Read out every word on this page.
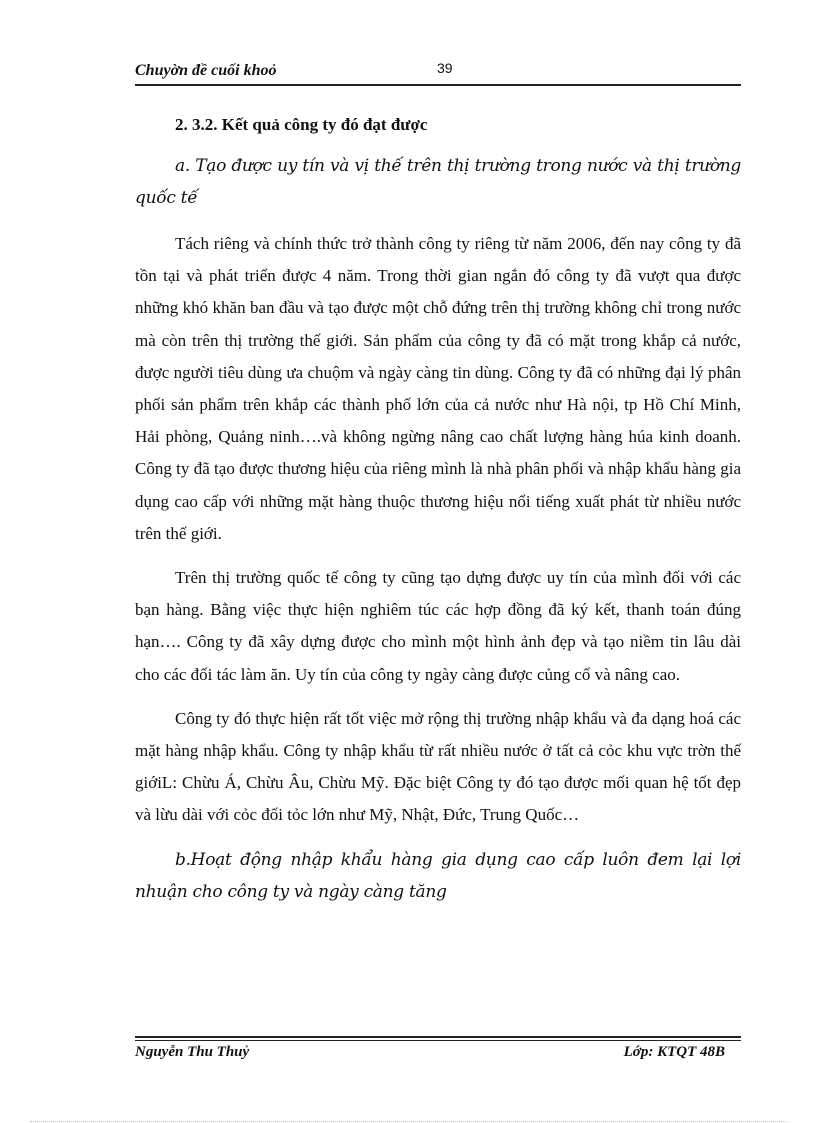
Chuyờn đề cuối khoỏ	39

2. 3.2. Kết quả công ty đó đạt được

a. Tạo được uy tín và vị thế trên thị trường trong nước và thị trường quốc tế

Tách riêng và chính thức trở thành công ty riêng từ năm 2006, đến nay công ty đã tồn tại và phát triển được 4 năm. Trong thời gian ngắn đó công ty đã vượt qua được những khó khăn ban đầu và tạo được một chỗ đứng trên thị trường không chỉ trong nước mà còn trên thị trường thế giới. Sản phẩm của công ty đã có mặt trong khắp cả nước, được người tiêu dùng ưa chuộm và ngày càng tin dùng. Công ty đã có những đại lý phân phối sản phẩm trên khắp các thành phố lớn của cả nước như Hà nội, tp Hồ Chí Minh, Hải phòng, Quảng ninh….và không ngừng nâng cao chất lượng hàng húa kinh doanh. Công ty đã tạo được thương hiệu của riêng mình là nhà phân phối và nhập khẩu hàng gia dụng cao cấp với những mặt hàng thuộc thương hiệu nổi tiếng xuất phát từ nhiều nước trên thế giới.

Trên thị trường quốc tế công ty cũng tạo dựng được uy tín của mình đối với các bạn hàng. Bằng việc thực hiện nghiêm túc các hợp đồng đã ký kết, thanh toán đúng hạn…. Công ty đã xây dựng được cho mình một hình ảnh đẹp và tạo niềm tin lâu dài cho các đối tác làm ăn. Uy tín của công ty ngày càng được củng cố và nâng cao.

Công ty đó thực hiện rất tốt việc mở rộng thị trường nhập khẩu và đa dạng hoá các mặt hàng nhập khẩu. Công ty nhập khẩu từ rất nhiều nước ở tất cả cỏc khu vực trờn thế giớiL: Chừu Á, Chừu Âu, Chừu Mỹ. Đặc biệt Công ty đó tạo được mối quan hệ tốt đẹp và lừu dài với cỏc đối tỏc lớn như Mỹ, Nhật, Đức, Trung Quốc…

b.Hoạt động nhập khẩu hàng gia dụng cao cấp luôn đem lại lợi nhuận cho công ty và ngày càng tăng

Nguyễn Thu Thuỷ	Lớp: KTQT 48B
